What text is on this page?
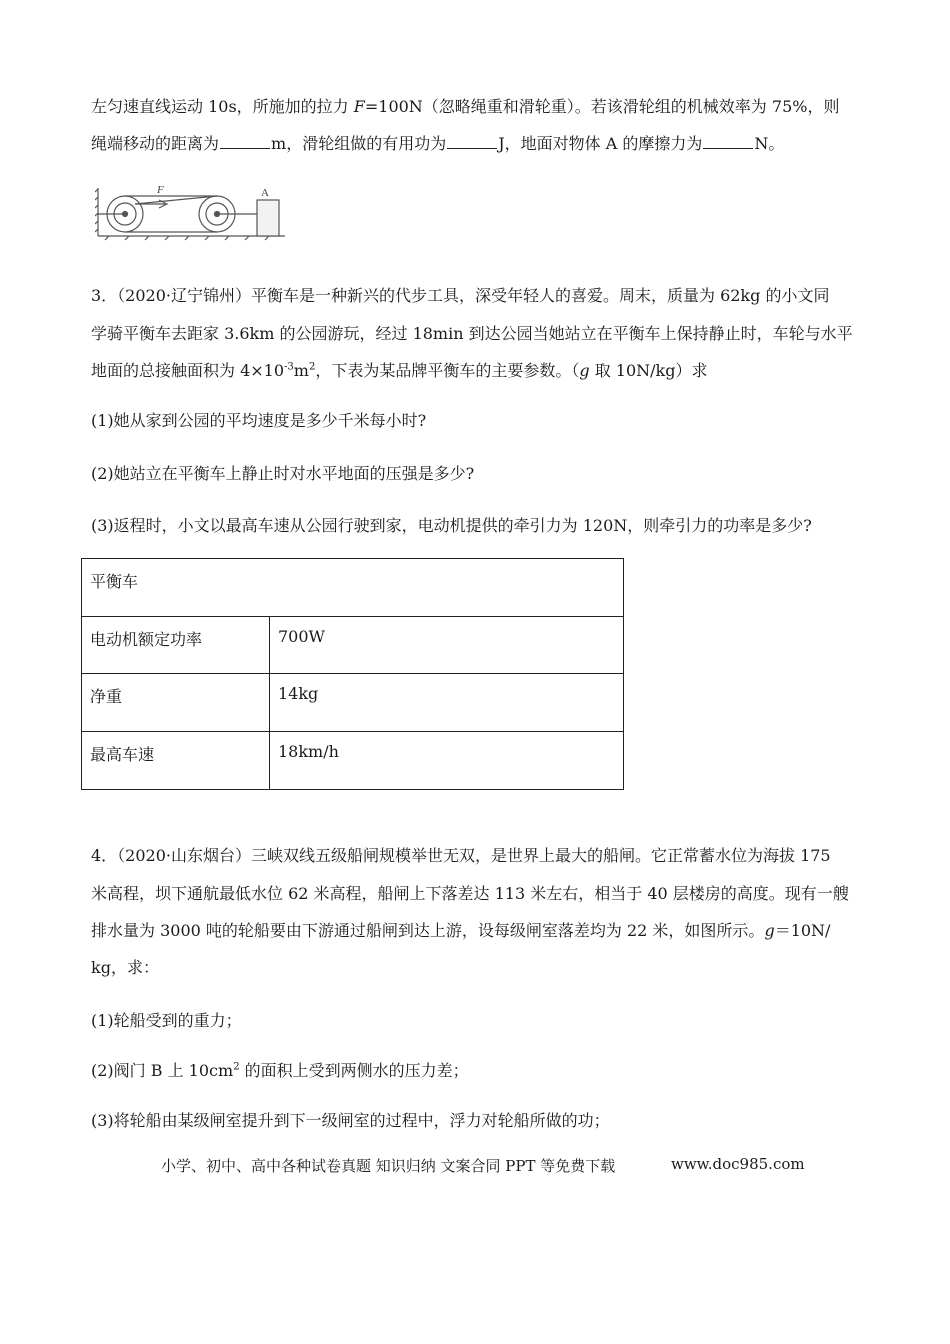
左匀速直线运动 10s，所施加的拉力 F=100N（忽略绳重和滑轮重）。若该滑轮组的机械效率为 75%，则
绳端移动的距离为	m，滑轮组做的有用功为	J，地面对物体 A 的摩擦力为	N。
F	A
3．（2020·辽宁锦州）平衡车是一种新兴的代步工具，深受年轻人的喜爱。周末，质量为 62kg 的小文同
学骑平衡车去距家 3.6km 的公园游玩，经过 18min 到达公园当她站立在平衡车上保持静止时，车轮与水平
地面的总接触面积为 $4\times 10^{-3}m^2$，下表为某品牌平衡车的主要参数。（g 取 10N/kg）求
(1)她从家到公园的平均速度是多少千米每小时?
(2)她站立在平衡车上静止时对水平地面的压强是多少?
(3)返程时，小文以最高车速从公园行驶到家，电动机提供的牵引力为 120N，则牵引力的功率是多少?
平衡车	
电动机额定功率	700W
净重	14kg
最高车速	18km/h
4．（2020·山东烟台）三峡双线五级船闸规模举世无双，是世界上最大的船闸。它正常蓄水位为海拔 175
米高程，坝下通航最低水位 62 米高程，船闸上下落差达 113 米左右，相当于 40 层楼房的高度。现有一艘
排水量为 3000 吨的轮船要由下游通过船闸到达上游，设每级闸室落差均为 22 米，如图所示。g＝10N/
kg，求：
(1)轮船受到的重力；
(2)阀门 B 上 $10cm^2$ 的面积上受到两侧水的压力差；
(3)将轮船由某级闸室提升到下一级闸室的过程中，浮力对轮船所做的功；
小学、初中、高中各种试卷真题 知识归纳 文案合同 PPT 等免费下载	www.doc985.com
